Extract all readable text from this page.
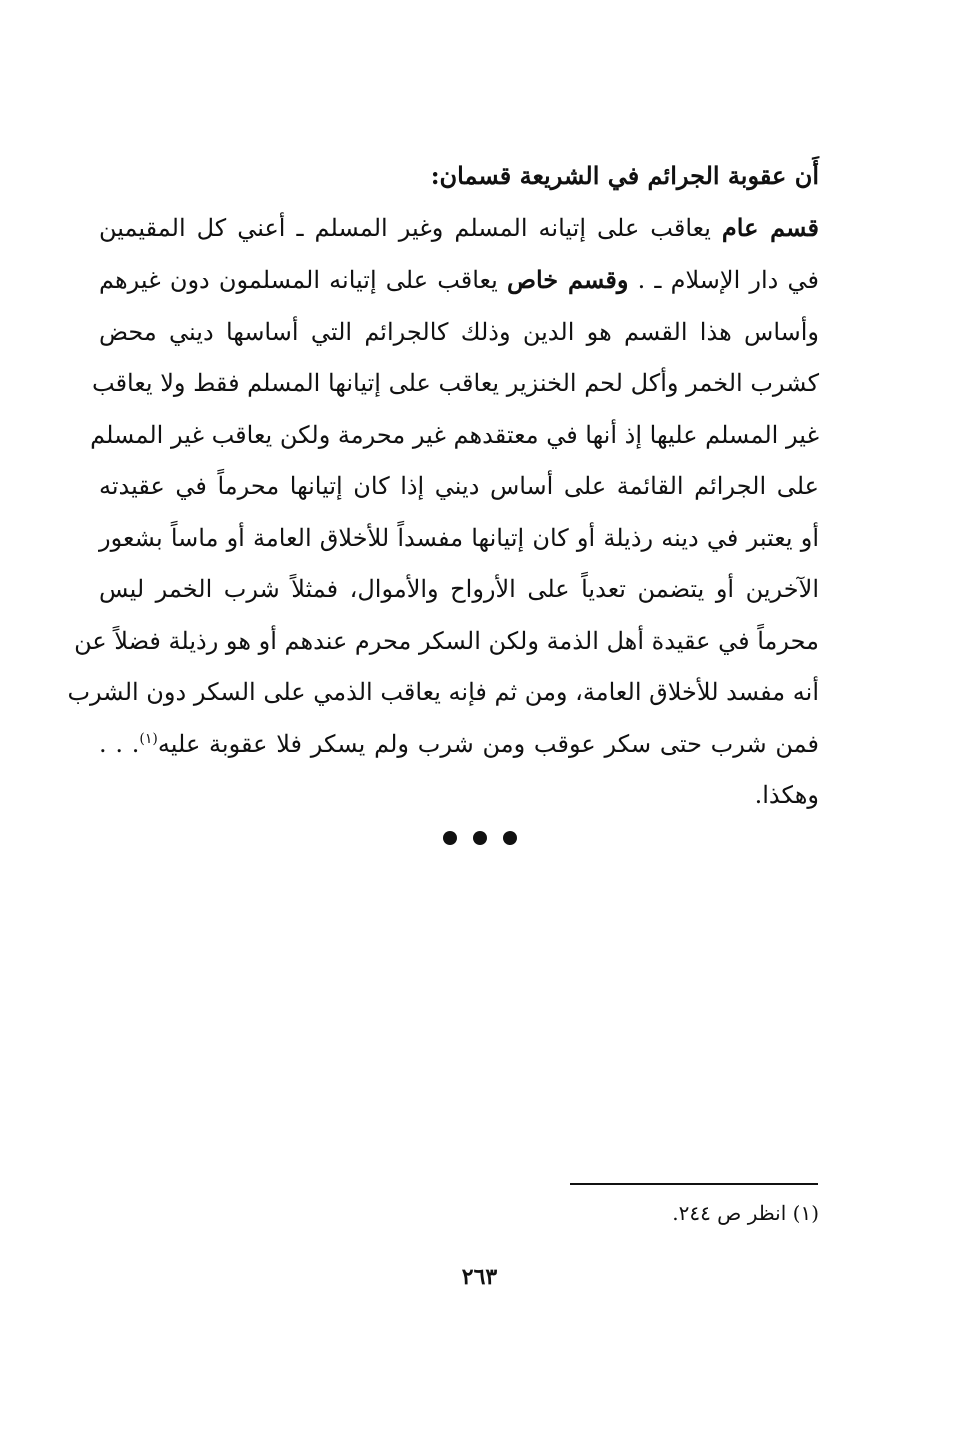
أَن عقوبة الجرائم في الشريعة قسمان:
قسم عام يعاقب على إتيانه المسلم وغير المسلم ـ أعني كل المقيمين
في دار الإسلام ـ . وقسم خاص يعاقب على إتيانه المسلمون دون غيرهم
وأساس هذا القسم هو الدين وذلك كالجرائم التي أساسها ديني محض
كشرب الخمر وأكل لحم الخنزير يعاقب على إتيانها المسلم فقط ولا يعاقب
غير المسلم عليها إذ أنها في معتقدهم غير محرمة ولكن يعاقب غير المسلم
على الجرائم القائمة على أساس ديني إذا كان إتيانها محرماً في عقيدته
أو يعتبر في دينه رذيلة أو كان إتيانها مفسداً للأخلاق العامة أو ماساً بشعور
الآخرين أو يتضمن تعدياً على الأرواح والأموال، فمثلاً شرب الخمر ليس
محرماً في عقيدة أهل الذمة ولكن السكر محرم عندهم أو هو رذيلة فضلاً عن
أنه مفسد للأخلاق العامة، ومن ثم فإنه يعاقب الذمي على السكر دون الشرب
فمن شرب حتى سكر عوقب ومن شرب ولم يسكر فلا عقوبة عليه$^{(١)}$. . .
وهكذا.
(١) انظر ص ٢٤٤.
٢٦٣
